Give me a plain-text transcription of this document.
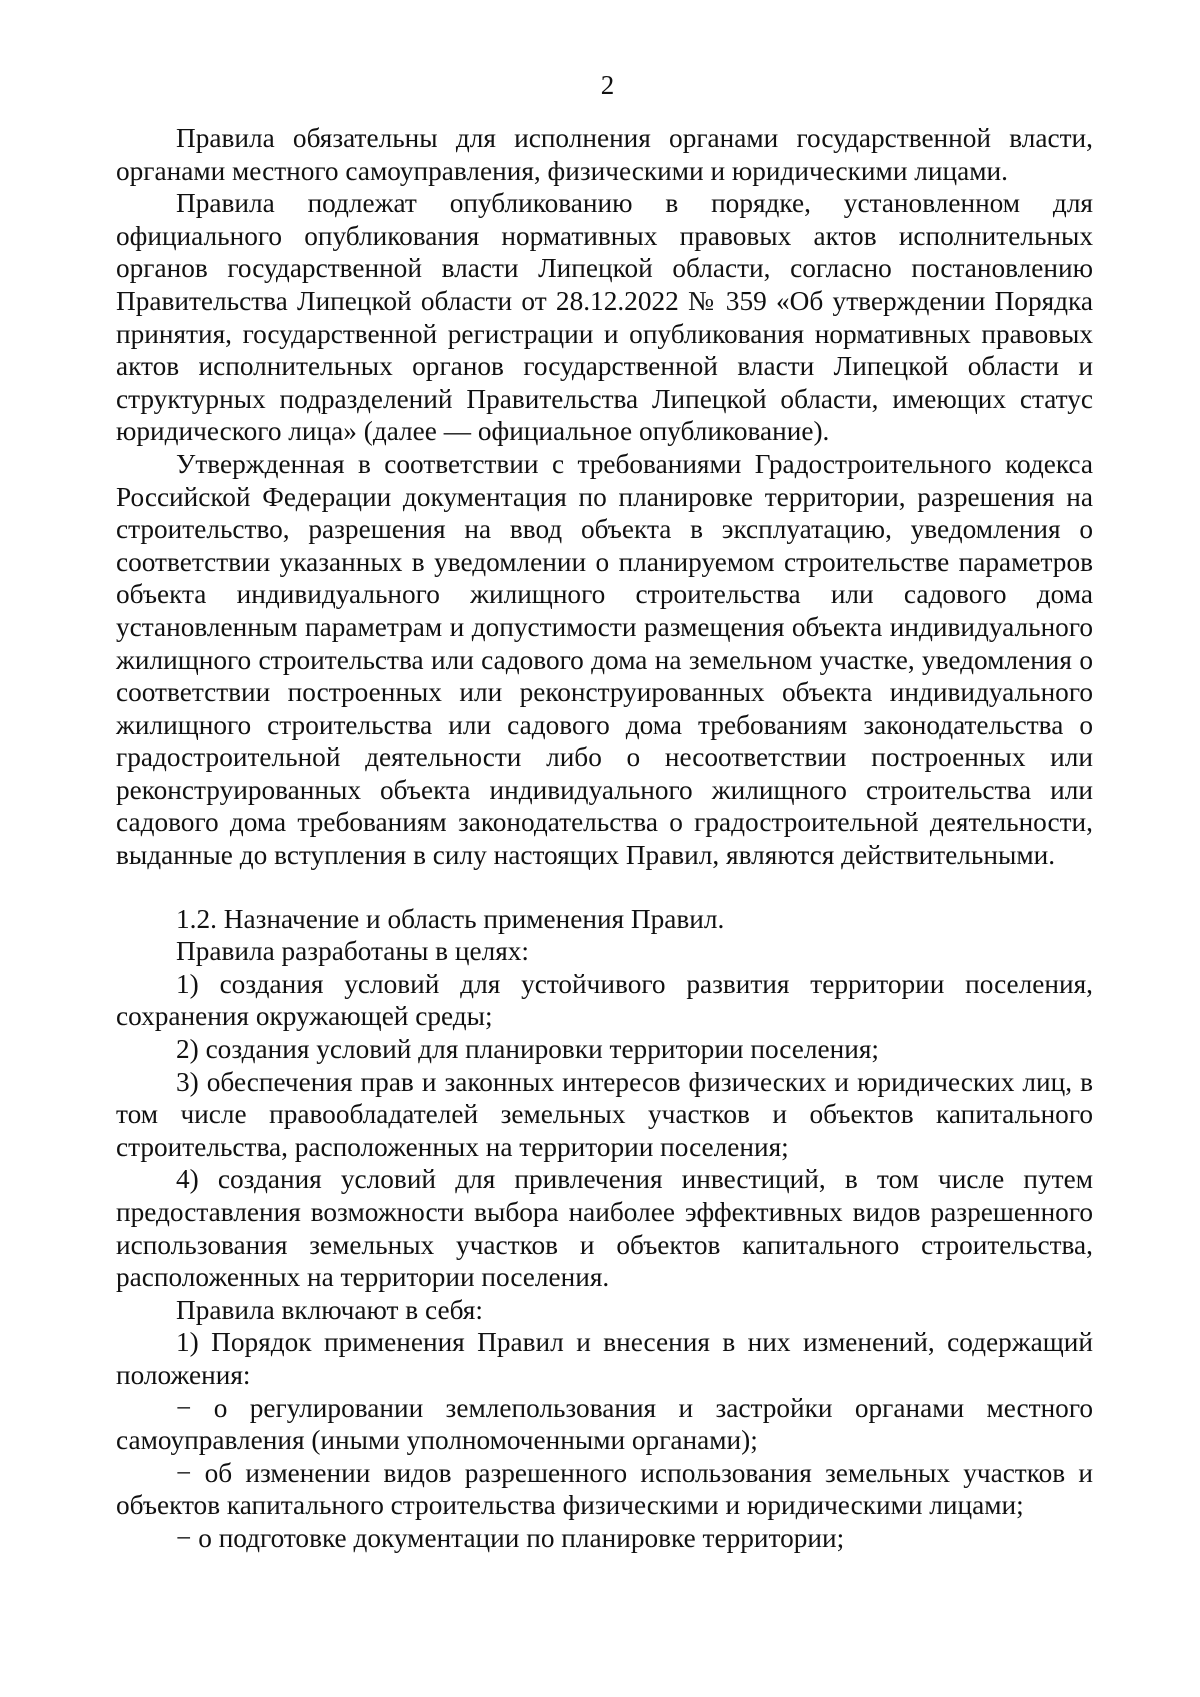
2

Правила обязательны для исполнения органами государственной власти, органами местного самоуправления, физическими и юридическими лицами.

Правила подлежат опубликованию в порядке, установленном для официального опубликования нормативных правовых актов исполнительных органов государственной власти Липецкой области, согласно постановлению Правительства Липецкой области от 28.12.2022 № 359 «Об утверждении Порядка принятия, государственной регистрации и опубликования нормативных правовых актов исполнительных органов государственной власти Липецкой области и структурных подразделений Правительства Липецкой области, имеющих статус юридического лица» (далее — официальное опубликование).

Утвержденная в соответствии с требованиями Градостроительного кодекса Российской Федерации документация по планировке территории, разрешения на строительство, разрешения на ввод объекта в эксплуатацию, уведомления о соответствии указанных в уведомлении о планируемом строительстве параметров объекта индивидуального жилищного строительства или садового дома установленным параметрам и допустимости размещения объекта индивидуального жилищного строительства или садового дома на земельном участке, уведомления о соответствии построенных или реконструированных объекта индивидуального жилищного строительства или садового дома требованиям законодательства о градостроительной деятельности либо о несоответствии построенных или реконструированных объекта индивидуального жилищного строительства или садового дома требованиям законодательства о градостроительной деятельности, выданные до вступления в силу настоящих Правил, являются действительными.

1.2. Назначение и область применения Правил.

Правила разработаны в целях:

1) создания условий для устойчивого развития территории поселения, сохранения окружающей среды;

2) создания условий для планировки территории поселения;

3) обеспечения прав и законных интересов физических и юридических лиц, в том числе правообладателей земельных участков и объектов капитального строительства, расположенных на территории поселения;

4) создания условий для привлечения инвестиций, в том числе путем предоставления возможности выбора наиболее эффективных видов разрешенного использования земельных участков и объектов капитального строительства, расположенных на территории поселения.

Правила включают в себя:

1) Порядок применения Правил и внесения в них изменений, содержащий положения:

− о регулировании землепользования и застройки органами местного самоуправления (иными уполномоченными органами);

− об изменении видов разрешенного использования земельных участков и объектов капитального строительства физическими и юридическими лицами;

− о подготовке документации по планировке территории;
